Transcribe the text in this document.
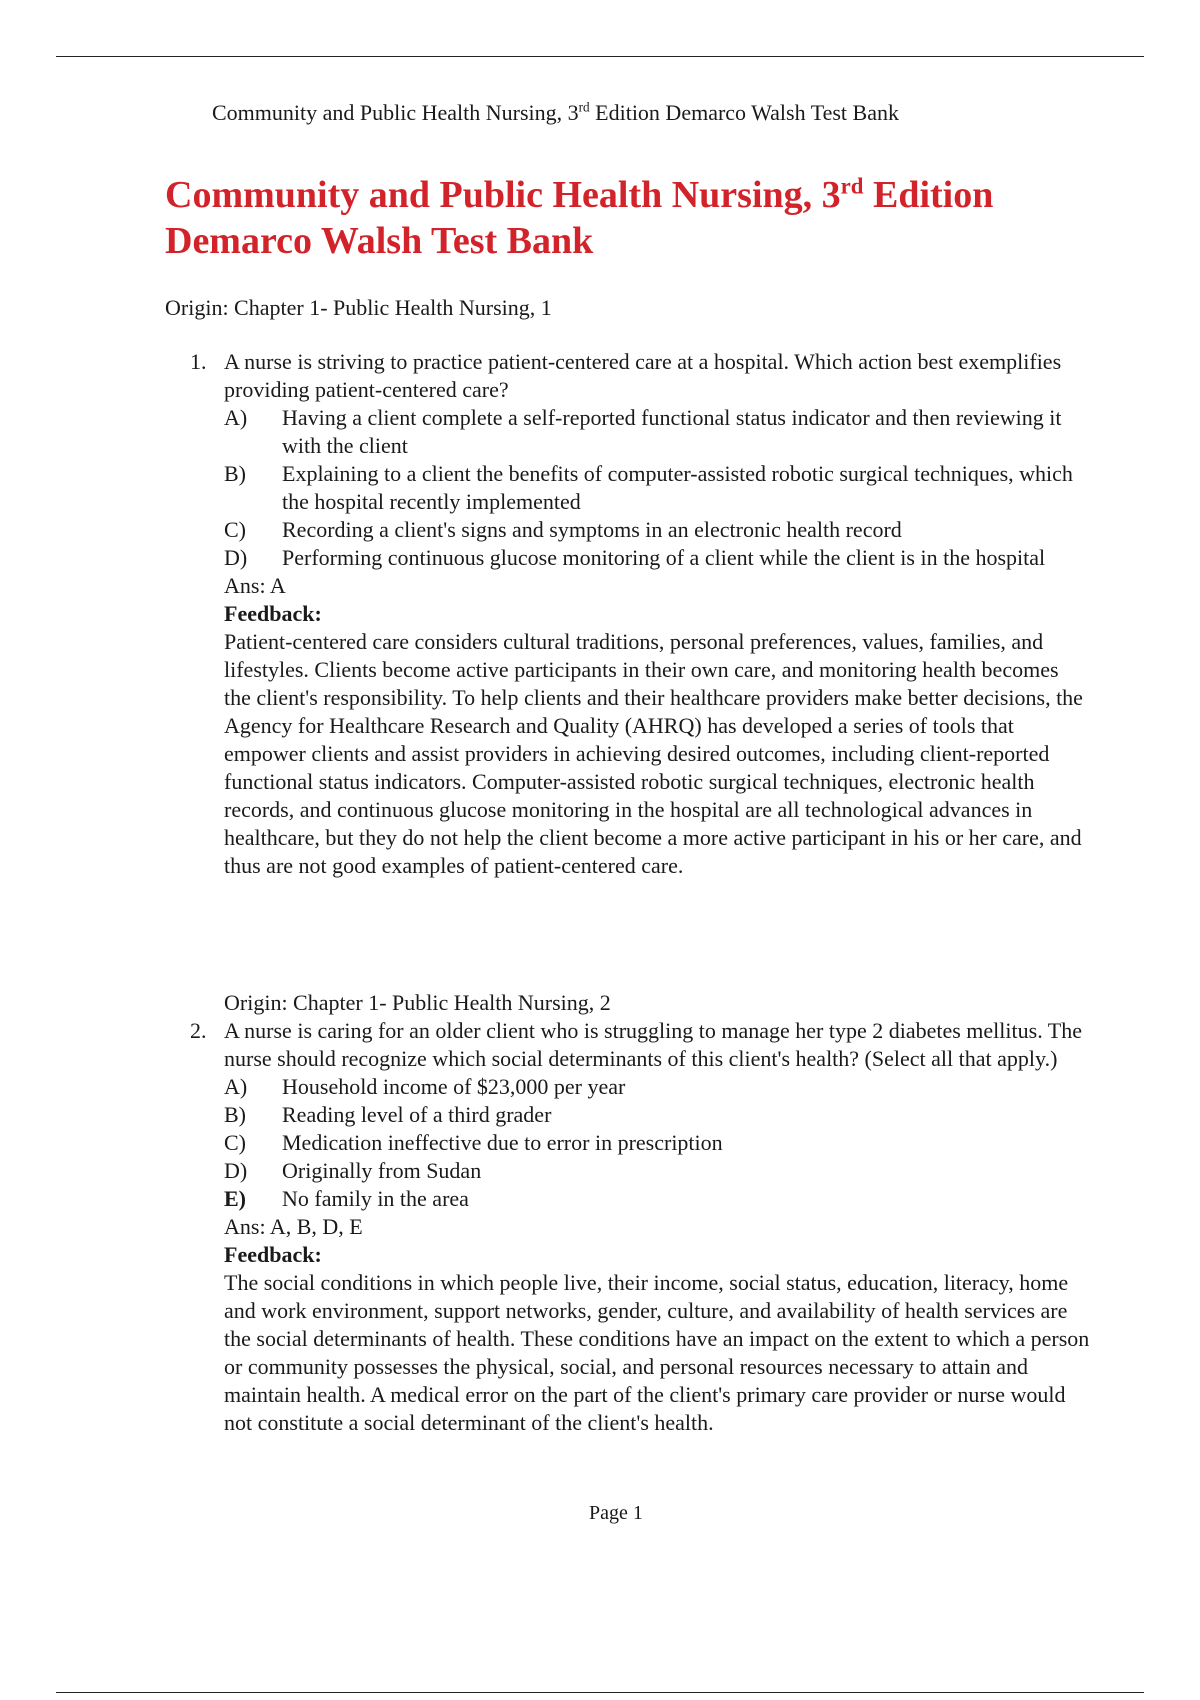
Community and Public Health Nursing, 3rd Edition Demarco Walsh Test Bank
Community and Public Health Nursing, 3rd Edition
Demarco Walsh Test Bank
Origin: Chapter 1- Public Health Nursing, 1
1. A nurse is striving to practice patient-centered care at a hospital. Which action best exemplifies providing patient-centered care?
A)	Having a client complete a self-reported functional status indicator and then reviewing it with the client
B)	Explaining to a client the benefits of computer-assisted robotic surgical techniques, which the hospital recently implemented
C)	Recording a client's signs and symptoms in an electronic health record
D)	Performing continuous glucose monitoring of a client while the client is in the hospital
Ans: A
Feedback:
Patient-centered care considers cultural traditions, personal preferences, values, families, and lifestyles. Clients become active participants in their own care, and monitoring health becomes the client's responsibility. To help clients and their healthcare providers make better decisions, the Agency for Healthcare Research and Quality (AHRQ) has developed a series of tools that empower clients and assist providers in achieving desired outcomes, including client-reported functional status indicators. Computer-assisted robotic surgical techniques, electronic health records, and continuous glucose monitoring in the hospital are all technological advances in healthcare, but they do not help the client become a more active participant in his or her care, and thus are not good examples of patient-centered care.
Origin: Chapter 1- Public Health Nursing, 2
2. A nurse is caring for an older client who is struggling to manage her type 2 diabetes mellitus. The nurse should recognize which social determinants of this client's health? (Select all that apply.)
A)	Household income of $23,000 per year
B)	Reading level of a third grader
C)	Medication ineffective due to error in prescription
D)	Originally from Sudan
E)	No family in the area
Ans: A, B, D, E
Feedback:
The social conditions in which people live, their income, social status, education, literacy, home and work environment, support networks, gender, culture, and availability of health services are the social determinants of health. These conditions have an impact on the extent to which a person or community possesses the physical, social, and personal resources necessary to attain and maintain health. A medical error on the part of the client's primary care provider or nurse would not constitute a social determinant of the client's health.
Page 1
